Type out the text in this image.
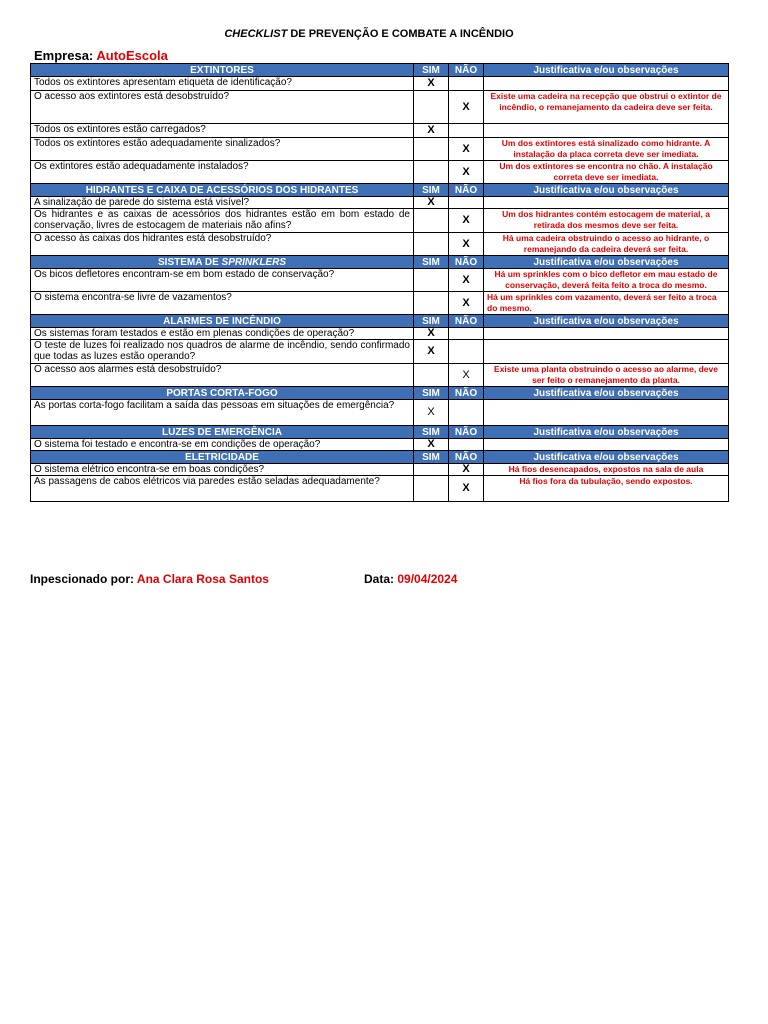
CHECKLIST DE PREVENÇÃO E COMBATE A INCÊNDIO
Empresa: AutoEscola
EXTINTORES	SIM	NÃO	Justificativa e/ou observações
Todos os extintores apresentam etiqueta de identificação?	X		
O acesso aos extintores está desobstruído?		X	Existe uma cadeira na recepção que obstrui o extintor de incêndio, o remanejamento da cadeira deve ser feita.
Todos os extintores estão carregados?	X		
Todos os extintores estão adequadamente sinalizados?		X	Um dos extintores está sinalizado como hidrante. A instalação da placa correta deve ser imediata.
Os extintores estão adequadamente instalados?		X	Um dos extintores se encontra no chão. A instalação correta deve ser imediata.
HIDRANTES E CAIXA DE ACESSÓRIOS DOS HIDRANTES	SIM	NÃO	Justificativa e/ou observações
A sinalização de parede do sistema está visível?	X		
Os hidrantes e as caixas de acessórios dos hidrantes estão em bom estado de conservação, livres de estocagem de materiais não afins?		X	Um dos hidrantes contém estocagem de material, a retirada dos mesmos deve ser feita.
O acesso às caixas dos hidrantes está desobstruído?		X	Há uma cadeira obstruindo o acesso ao hidrante, o remanejando da cadeira deverá ser feita.
SISTEMA DE SPRINKLERS	SIM	NÃO	Justificativa e/ou observações
Os bicos defletores encontram-se em bom estado de conservação?		X	Há um sprinkles com o bico defletor em mau estado de conservação, deverá feita feito a troca do mesmo.
O sistema encontra-se livre de vazamentos?		X	Há um sprinkles com vazamento, deverá ser feito a troca do mesmo.
ALARMES DE INCÊNDIO	SIM	NÃO	Justificativa e/ou observações
Os sistemas foram testados e estão em plenas condições de operação?	X		
O teste de luzes foi realizado nos quadros de alarme de incêndio, sendo confirmado que todas as luzes estão operando?	X		
O acesso aos alarmes está desobstruído?		X	Existe uma planta obstruindo o acesso ao alarme, deve ser feito o remanejamento da planta.
PORTAS CORTA-FOGO	SIM	NÃO	Justificativa e/ou observações
As portas corta-fogo facilitam a saída das pessoas em situações de emergência?	X		
LUZES DE EMERGÊNCIA	SIM	NÃO	Justificativa e/ou observações
O sistema foi testado e encontra-se em condições de operação?	X		
ELETRICIDADE	SIM	NÃO	Justificativa e/ou observações
O sistema elétrico encontra-se em boas condições?		X	Há fios desencapados, expostos na sala de aula
As passagens de cabos elétricos via paredes estão seladas adequadamente?		X	Há fios fora da tubulação, sendo expostos.
Inpescionado por: Ana Clara Rosa Santos	Data: 09/04/2024
